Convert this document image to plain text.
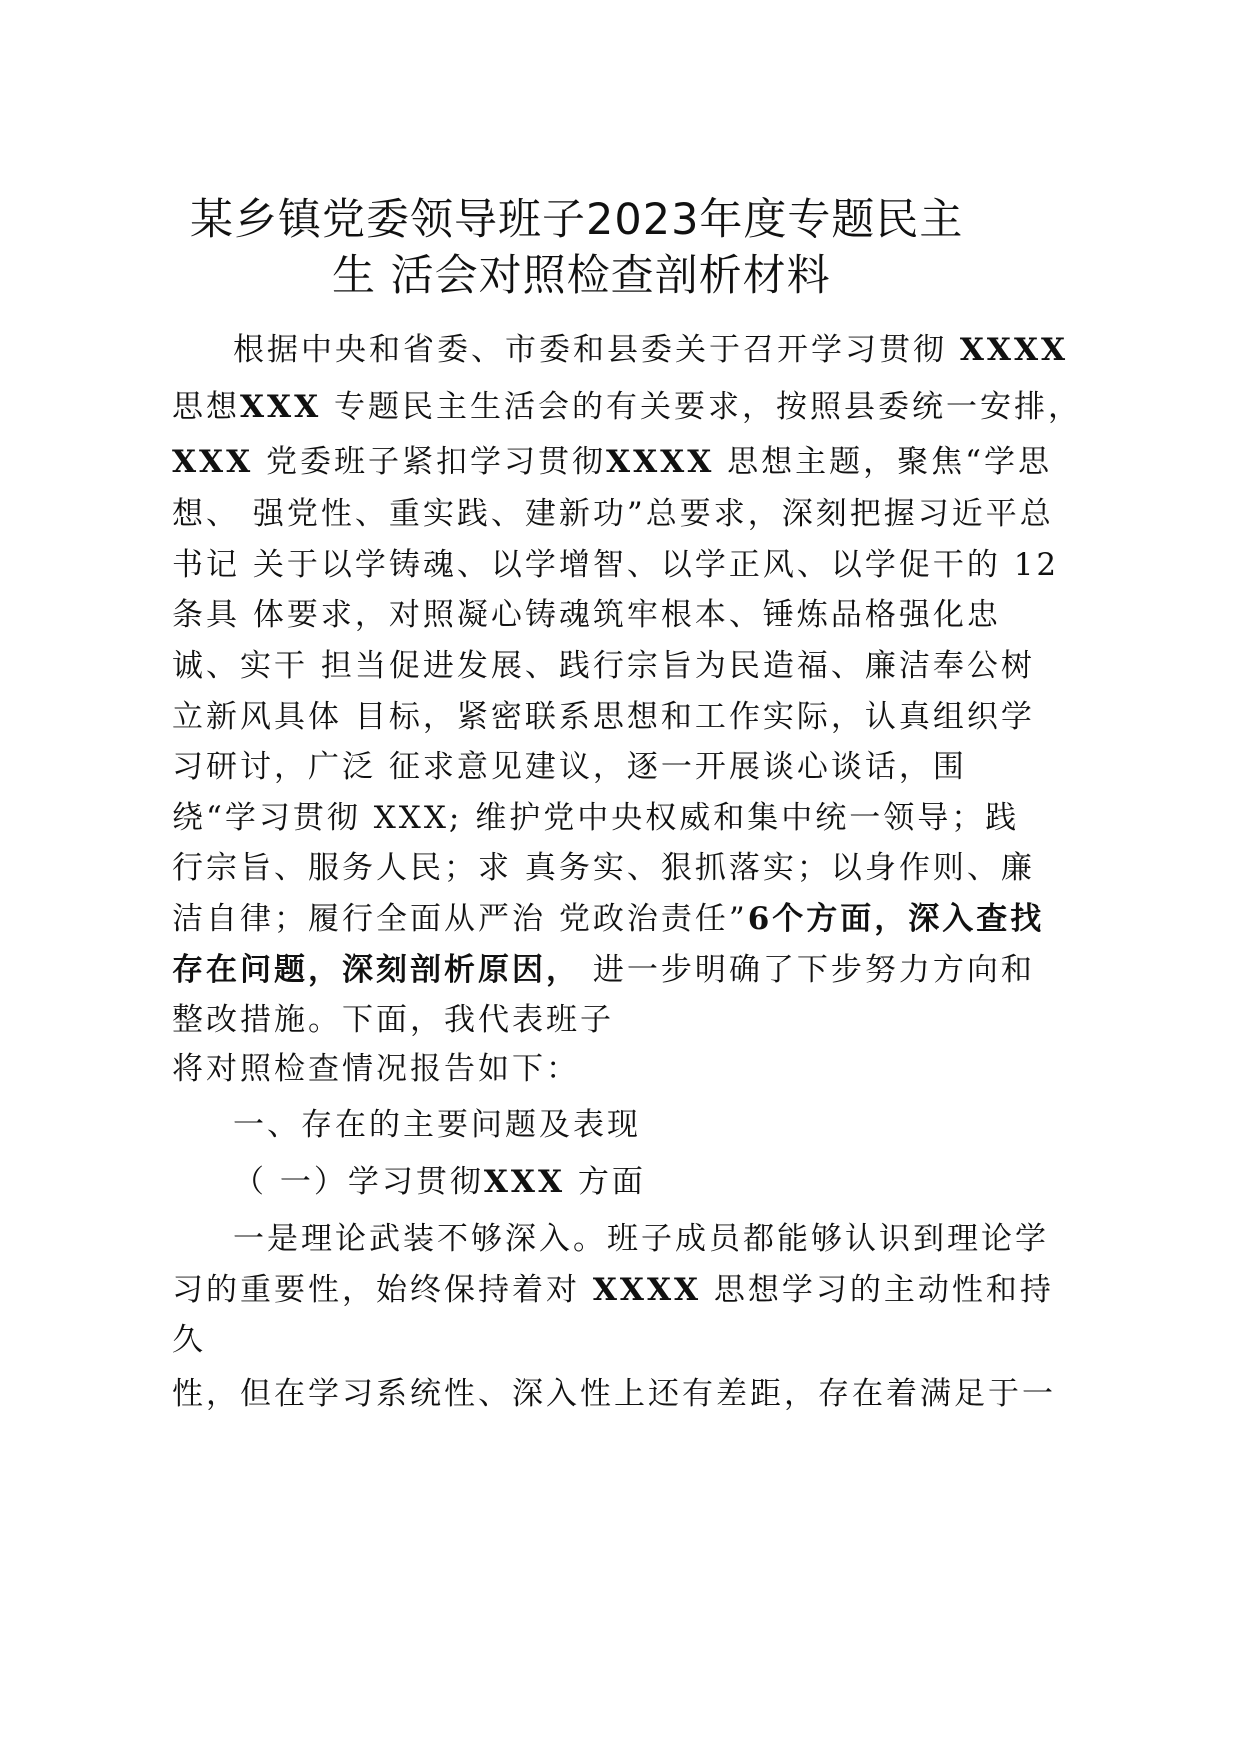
某乡镇党委领导班子2023年度专题民主
生 活会对照检查剖析材料
根据中央和省委、市委和县委关于召开学习贯彻 XXXX
思想XXX 专题民主生活会的有关要求，按照县委统一安排，
XXX 党委班子紧扣学习贯彻XXXX 思想主题，聚焦“学思
想、 强党性、重实践、建新功”总要求，深刻把握习近平总
书记 关于以学铸魂、以学增智、以学正风、以学促干的 12
条具 体要求，对照凝心铸魂筑牢根本、锤炼品格强化忠
诚、实干 担当促进发展、践行宗旨为民造福、廉洁奉公树
立新风具体 目标，紧密联系思想和工作实际，认真组织学
习研讨，广泛 征求意见建议，逐一开展谈心谈话，围
绕“学习贯彻 XXX; 维护党中央权威和集中统一领导；践
行宗旨、服务人民；求 真务实、狠抓落实；以身作则、廉
洁自律；履行全面从严治 党政治责任”6个方面，深入查找
存在问题，深刻剖析原因， 进一步明确了下步努力方向和
整改措施。下面，我代表班子
将对照检查情况报告如下：
一、存在的主要问题及表现
（ 一）学习贯彻XXX 方面
一是理论武装不够深入。班子成员都能够认识到理论学
习的重要性，始终保持着对 XXXX 思想学习的主动性和持
久
性，但在学习系统性、深入性上还有差距，存在着满足于一
